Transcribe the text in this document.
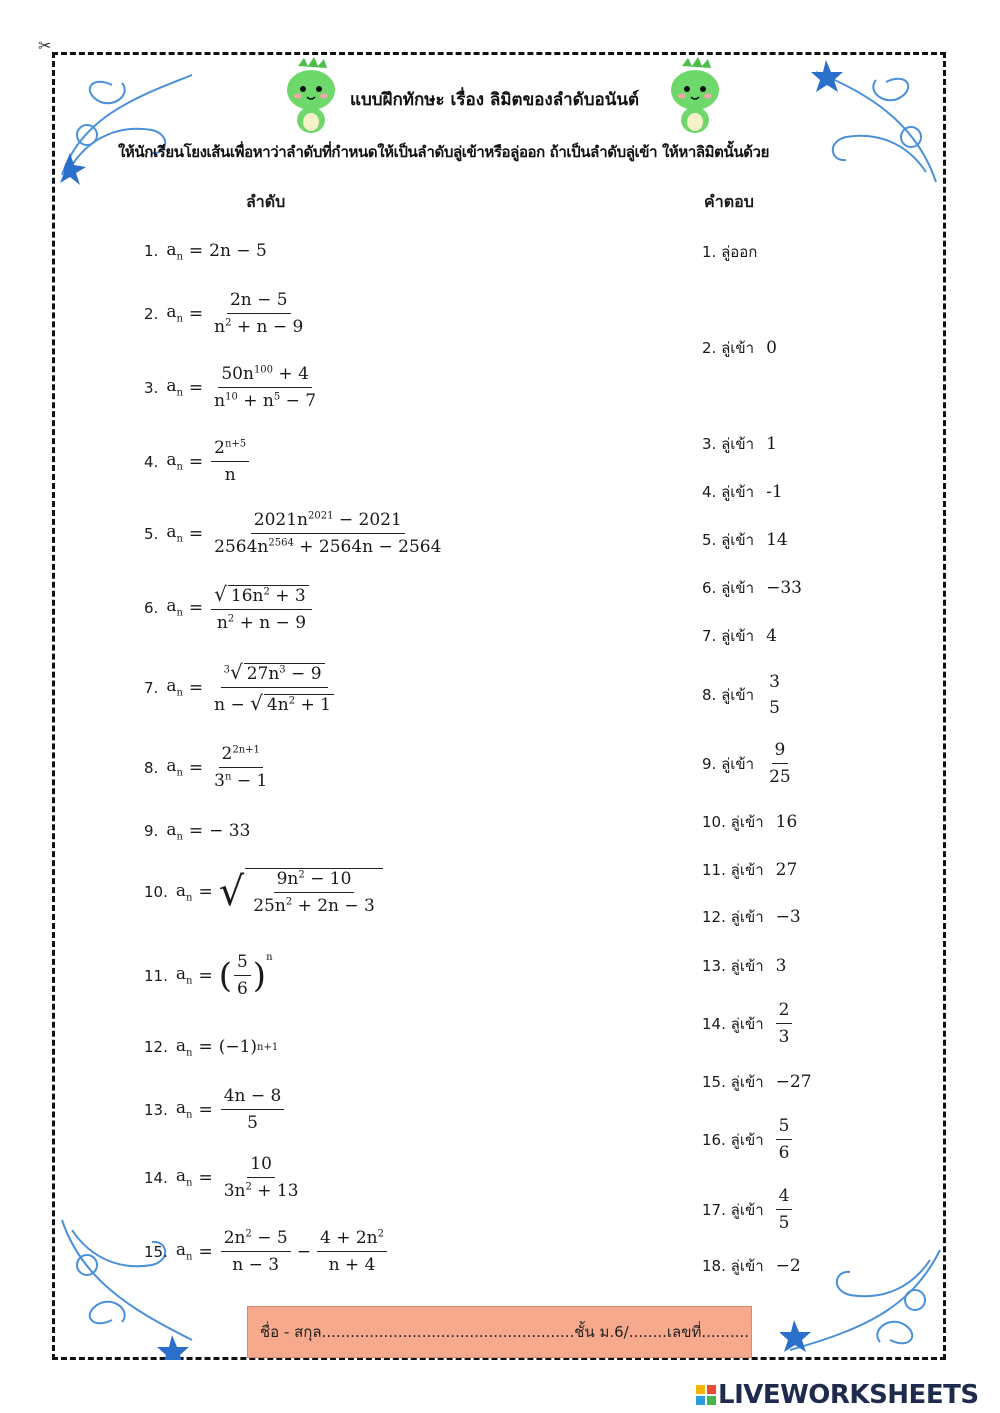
✂
แบบฝึกทักษะ เรื่อง ลิมิตของลำดับอนันต์
ให้นักเรียนโยงเส้นเพื่อหาว่าลำดับที่กำหนดให้เป็นลำดับลู่เข้าหรือลู่ออก ถ้าเป็นลำดับลู่เข้า ให้หาลิมิตนั้นด้วย
ลำดับ	คำตอบ
1. $a_n = 2n - 5$
2. $a_n = \frac{2n - 5}{n^2 + n - 9}$
3. $a_n = \frac{50n^{100} + 4}{n^{10} + n^5 - 7}$
4. $a_n = \frac{2^{n+5}}{n}$
5. $a_n = \frac{2021n^{2021} - 2021}{2564n^{2564} + 2564n - 2564}$
6. $a_n = \frac{√ 16n^2 + 3}{n^2 + n - 9}$
7. $a_n = \frac{^3√ 27n^3 - 9}{n - √ 4n^2 + 1}$
8. $a_n = \frac{2^{2n+1}}{3^n - 1}$
9. $a_n$ = − 33
10. $a_n$ = √ $\frac{9n^2 - 10}{25n^2 + 2n - 3}$
11. $a_n$ = ( $\frac{5}{6} )^n$
12. $a_n = (-1)$ n+1
13. $a_n = \frac{4n - 8}{5}$
14. $a_n = \frac{10}{3n^2 + 13}$
15. $a_n = \frac{2n^2 - 5}{n - 3} - \frac{4 + 2n^2}{n + 4}$
1.
ลู่ออก
2.
ลู่เข้า 0
3.
ลู่เข้า 1
4.
ลู่เข้า -1
5.
ลู่เข้า 14
6.
ลู่เข้า −33
7.
ลู่เข้า 4
8.
ลู่เข้า
3
5
9.
ลู่เข้า $\frac{9}{25}$
10.
ลู่เข้า 16
11.
ลู่เข้า 27
12.
ลู่เข้า −3
13.
ลู่เข้า 3
14.
ลู่เข้า $\frac{2}{3}$
15.
ลู่เข้า −27
16.
ลู่เข้า $\frac{5}{6}$
17.
ลู่เข้า $\frac{4}{5}$
18.
ลู่เข้า −2
ชื่อ - สกุล.....................................................ชั้น ม.6/........เลขที่..........
LIVEWORKSHEETS
